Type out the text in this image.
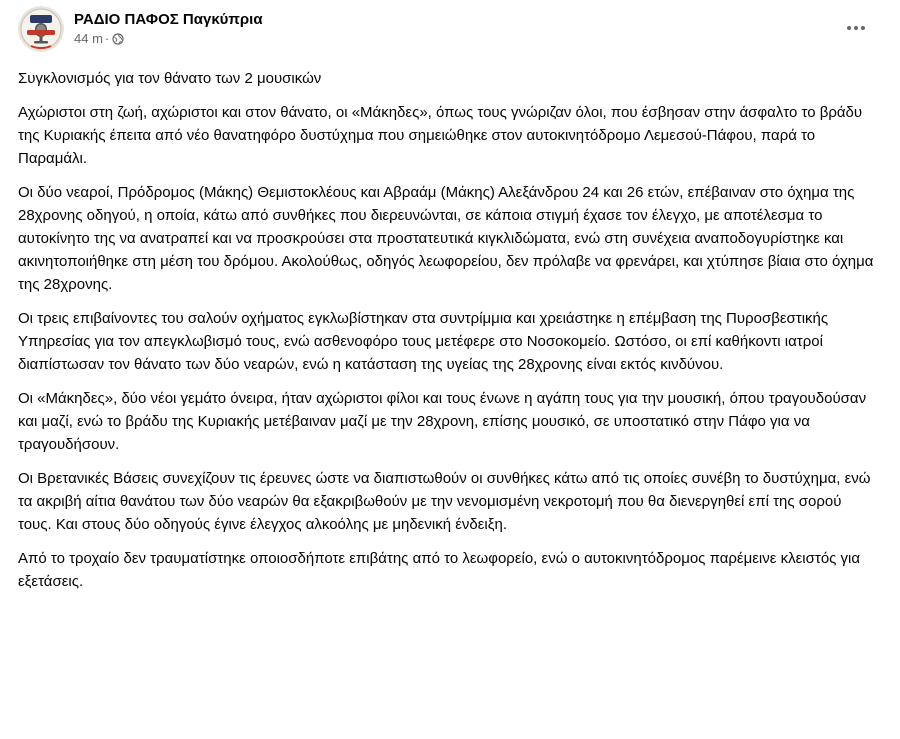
ΡΑΔΙΟ ΠΑΦΟΣ Παγκύπρια
44 m ·

Συγκλονισμός για τον θάνατο των 2 μουσικών

Αχώριστοι στη ζωή, αχώριστοι και στον θάνατο, οι «Μάκηδες», όπως τους γνώριζαν όλοι, που έσβησαν στην άσφαλτο το βράδυ της Κυριακής έπειτα από νέο θανατηφόρο δυστύχημα που σημειώθηκε στον αυτοκινητόδρομο Λεμεσού-Πάφου, παρά το Παραμάλι.

Οι δύο νεαροί, Πρόδρομος (Μάκης) Θεμιστοκλέους και Αβραάμ (Μάκης) Αλεξάνδρου 24 και 26 ετών, επέβαιναν στο όχημα της 28χρονης οδηγού, η οποία, κάτω από συνθήκες που διερευνώνται, σε κάποια στιγμή έχασε τον έλεγχο, με αποτέλεσμα το αυτοκίνητο της να ανατραπεί και να προσκρούσει στα προστατευτικά κιγκλιδώματα, ενώ στη συνέχεια αναποδογυρίστηκε και ακινητοποιήθηκε στη μέση του δρόμου. Ακολούθως, οδηγός λεωφορείου, δεν πρόλαβε να φρενάρει, και χτύπησε βίαια στο όχημα της 28χρονης.

Οι τρεις επιβαίνοντες του σαλούν οχήματος εγκλωβίστηκαν στα συντρίμμια και χρειάστηκε η επέμβαση της Πυροσβεστικής Υπηρεσίας για τον απεγκλωβισμό τους, ενώ ασθενοφόρο τους μετέφερε στο Νοσοκομείο. Ωστόσο, οι επί καθήκοντι ιατροί διαπίστωσαν τον θάνατο των δύο νεαρών, ενώ η κατάσταση της υγείας της 28χρονης είναι εκτός κινδύνου.

Οι «Μάκηδες», δύο νέοι γεμάτο όνειρα, ήταν αχώριστοι φίλοι και τους ένωνε η αγάπη τους για την μουσική, όπου τραγουδούσαν και μαζί, ενώ το βράδυ της Κυριακής μετέβαιναν μαζί με την 28χρονη, επίσης μουσικό, σε υποστατικό στην Πάφο για να τραγουδήσουν.

Οι Βρετανικές Βάσεις συνεχίζουν τις έρευνες ώστε να διαπιστωθούν οι συνθήκες κάτω από τις οποίες συνέβη το δυστύχημα, ενώ τα ακριβή αίτια θανάτου των δύο νεαρών θα εξακριβωθούν με την νενομισμένη νεκροτομή που θα διενεργηθεί επί της σορού τους. Και στους δύο οδηγούς έγινε έλεγχος αλκοόλης με μηδενική ένδειξη.

Από το τροχαίο δεν τραυματίστηκε οποιοσδήποτε επιβάτης από το λεωφορείο, ενώ ο αυτοκινητόδρομος παρέμεινε κλειστός για εξετάσεις.
